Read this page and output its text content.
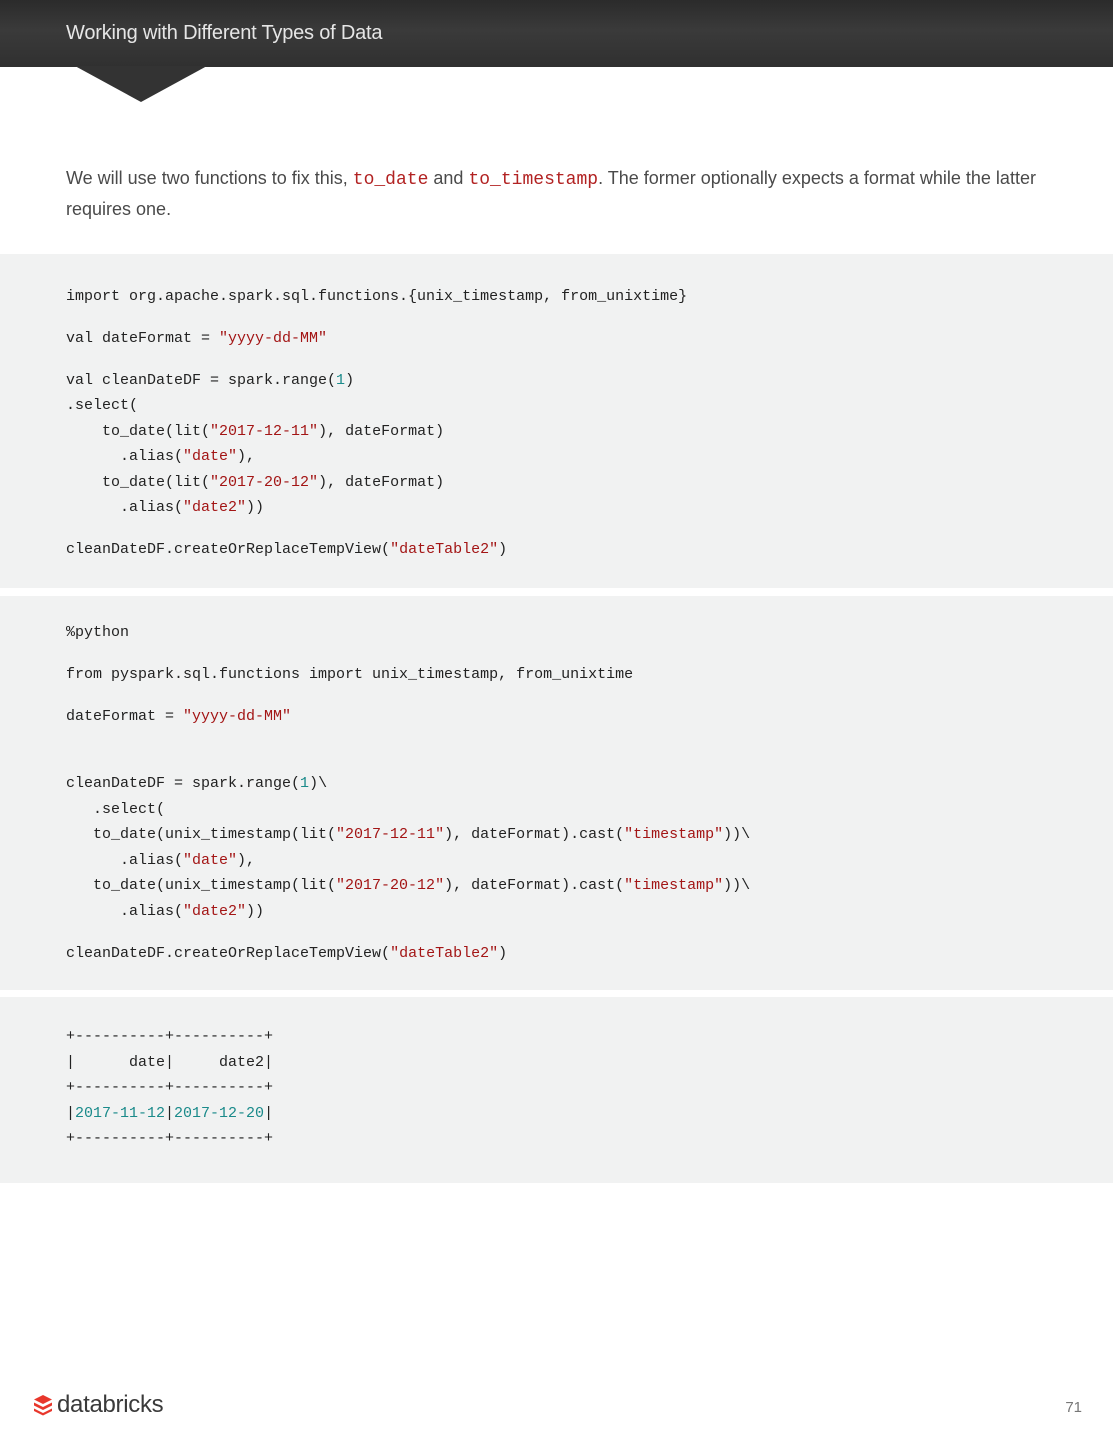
Working with Different Types of Data
We will use two functions to fix this, to_date and to_timestamp. The former optionally expects a format while the latter requires one.
import org.apache.spark.sql.functions.{unix_timestamp, from_unixtime}
val dateFormat = "yyyy-dd-MM"
val cleanDateDF = spark.range(1)
.select(
to_date(lit("2017-12-11"), dateFormat)
.alias("date"),
to_date(lit("2017-20-12"), dateFormat)
.alias("date2"))
cleanDateDF.createOrReplaceTempView("dateTable2")
%python
from pyspark.sql.functions import unix_timestamp, from_unixtime
dateFormat = "yyyy-dd-MM"
cleanDateDF = spark.range(1)\
.select(
to_date(unix_timestamp(lit("2017-12-11"), dateFormat).cast("timestamp"))\
.alias("date"),
to_date(unix_timestamp(lit("2017-20-12"), dateFormat).cast("timestamp"))\
.alias("date2"))
cleanDateDF.createOrReplaceTempView("dateTable2")
+----------+----------+
|      date|     date2|
+----------+----------+
|2017-11-12|2017-12-20|
+----------+----------+
databricks	71
